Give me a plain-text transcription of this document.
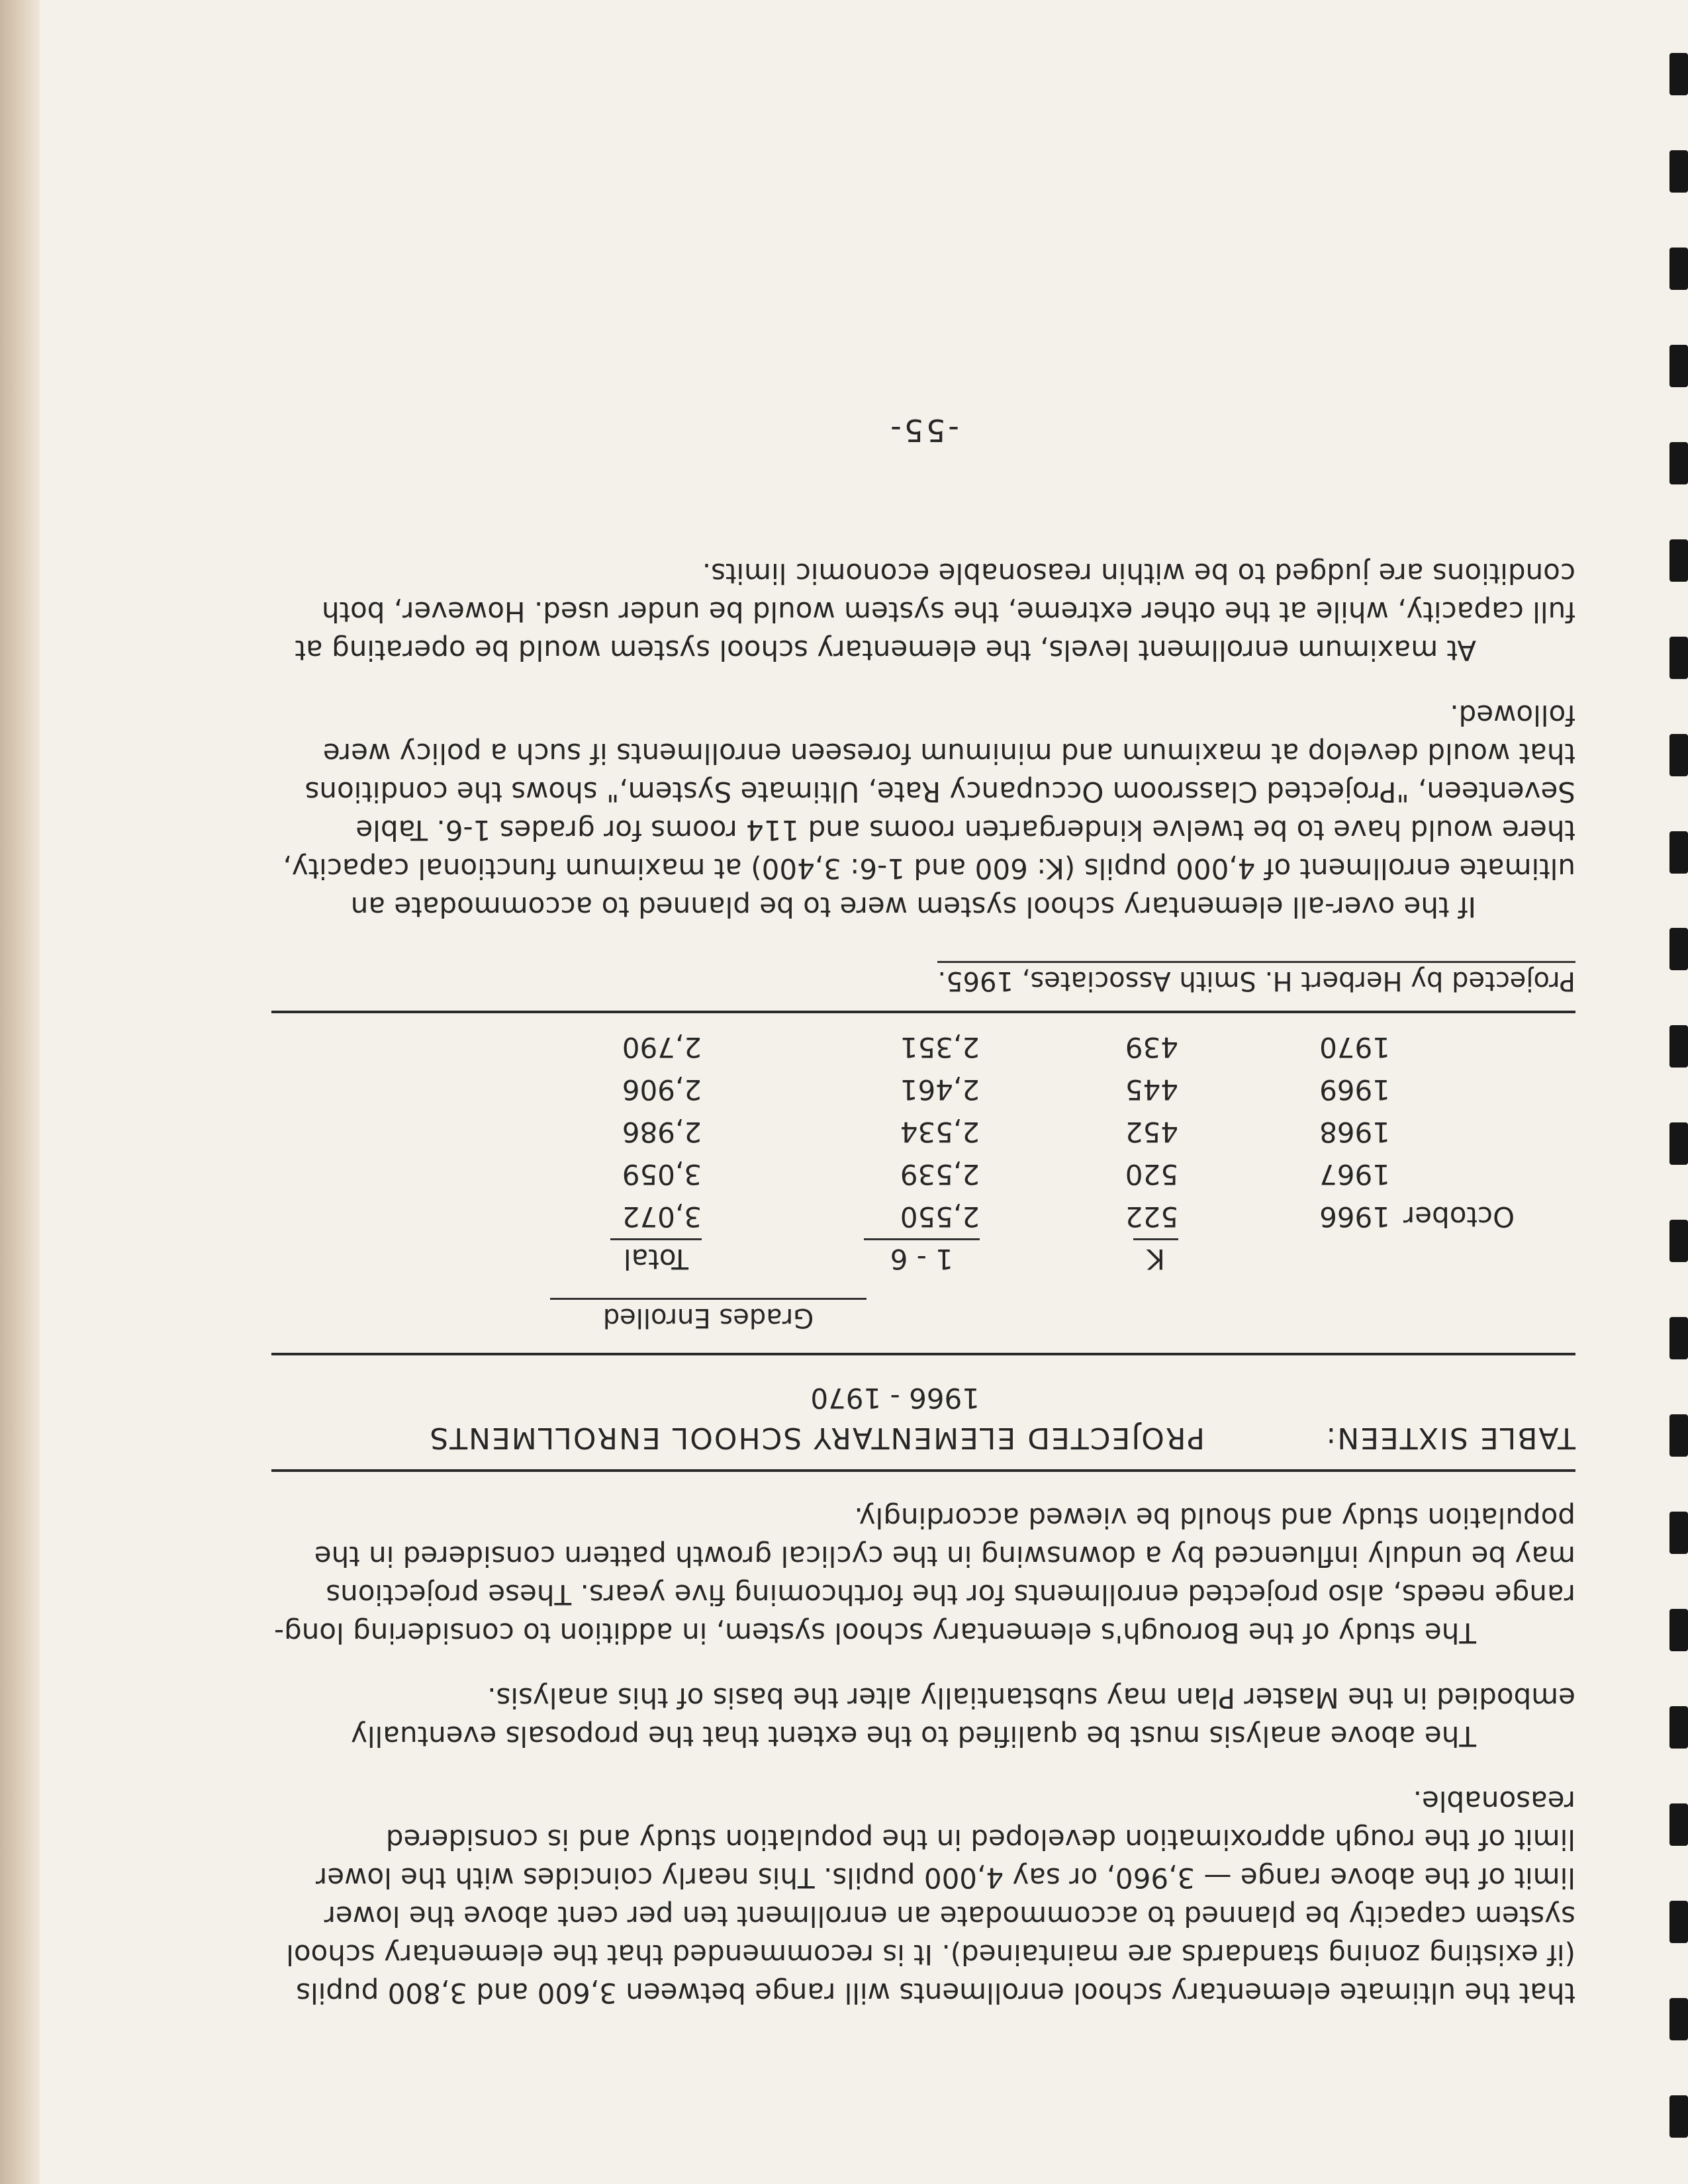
that the ultimate elementary school enrollments will range between 3,600 and 3,800 pupils (if existing zoning standards are maintained). It is recommended that the elementary school system capacity be planned to accommodate an enrollment ten per cent above the lower limit of the above range — 3,960, or say 4,000 pupils. This nearly coincides with the lower limit of the rough approximation developed in the population study and is considered reasonable.

The above analysis must be qualified to the extent that the proposals eventually embodied in the Master Plan may substantially alter the basis of this analysis.

The study of the Borough's elementary school system, in addition to considering long-range needs, also projected enrollments for the forthcoming five years. These projections may be unduly influenced by a downswing in the cyclical growth pattern considered in the population study and should be viewed accordingly.

TABLE SIXTEEN:
PROJECTED ELEMENTARY SCHOOL ENROLLMENTS
1966 - 1970
Grades Enrolled
		K	1 - 6	Total
October	1966	522	2,550	3,072
	1967	520	2,539	3,059
	1968	452	2,534	2,986
	1969	445	2,461	2,906
	1970	439	2,351	2,790
Projected by Herbert H. Smith Associates, 1965.

If the over-all elementary school system were to be planned to accommodate an ultimate enrollment of 4,000 pupils (K: 600 and 1-6: 3,400) at maximum functional capacity, there would have to be twelve kindergarten rooms and 114 rooms for grades 1-6. Table Seventeen, "Projected Classroom Occupancy Rate, Ultimate System," shows the conditions that would develop at maximum and minimum foreseen enrollments if such a policy were followed.

At maximum enrollment levels, the elementary school system would be operating at full capacity, while at the other extreme, the system would be under used. However, both conditions are judged to be within reasonable economic limits.

-55-
